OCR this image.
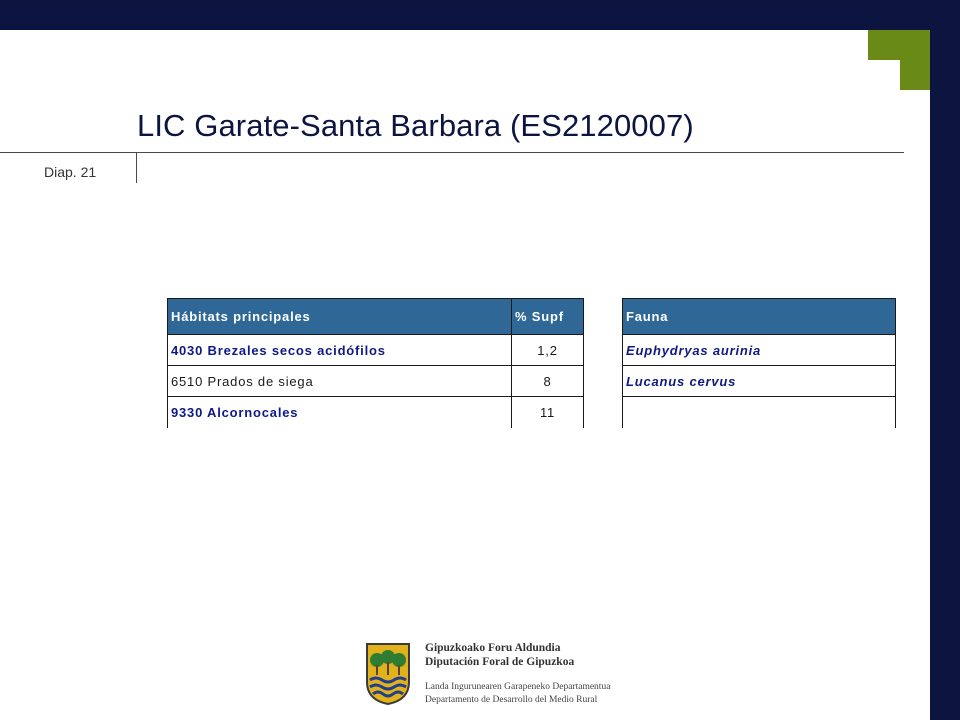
LIC Garate-Santa Barbara (ES2120007)
Diap. 21
Hábitats principales	% Supf
4030 Brezales secos acidófilos	1,2
6510 Prados de siega	8
9330 Alcornocales	11
Fauna
Euphydryas aurinia
Lucanus cervus

Gipuzkoako Foru Aldundia
Diputación Foral de Gipuzkoa
Landa Ingurunearen Garapeneko Departamentua
Departamento de Desarrollo del Medio Rural
